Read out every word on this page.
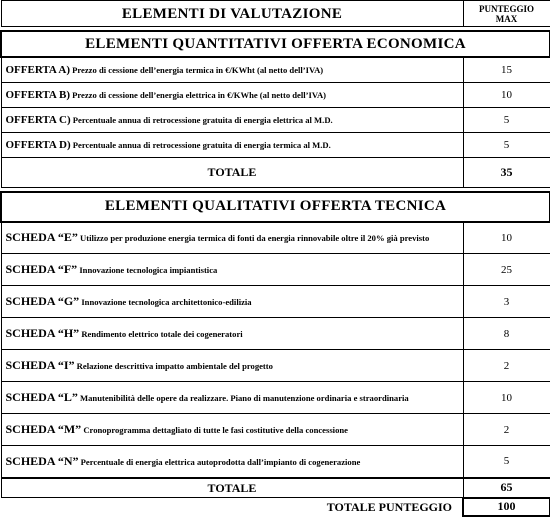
ELEMENTI DI VALUTAZIONE	PUNTEGGIO
MAX

ELEMENTI QUANTITATIVI OFFERTA ECONOMICA	
OFFERTA A) Prezzo di cessione dell’energia termica in €/KWht (al netto dell’IVA)	15
OFFERTA B) Prezzo di cessione dell’energia elettrica in €/KWhe (al netto dell’IVA)	10
OFFERTA C) Percentuale annua di retrocessione gratuita di energia elettrica al M.D.	5
OFFERTA D) Percentuale annua di retrocessione gratuita di energia termica al M.D.	5
TOTALE	35

ELEMENTI QUALITATIVI OFFERTA TECNICA	
SCHEDA “E” Utilizzo per produzione energia termica di fonti da energia rinnovabile oltre il 20% già previsto	10
SCHEDA “F” Innovazione tecnologica impiantistica	25
SCHEDA “G” Innovazione tecnologica architettonico-edilizia	3
SCHEDA “H” Rendimento elettrico totale dei cogeneratori	8
SCHEDA “I” Relazione descrittiva impatto ambientale del progetto	2
SCHEDA “L” Manutenibilità delle opere da realizzare. Piano di manutenzione ordinaria e straordinaria	10
SCHEDA “M” Cronoprogramma dettagliato di tutte le fasi costitutive della concessione	2
SCHEDA “N” Percentuale di energia elettrica autoprodotta dall’impianto di cogenerazione	5
TOTALE	65
TOTALE PUNTEGGIO	100
